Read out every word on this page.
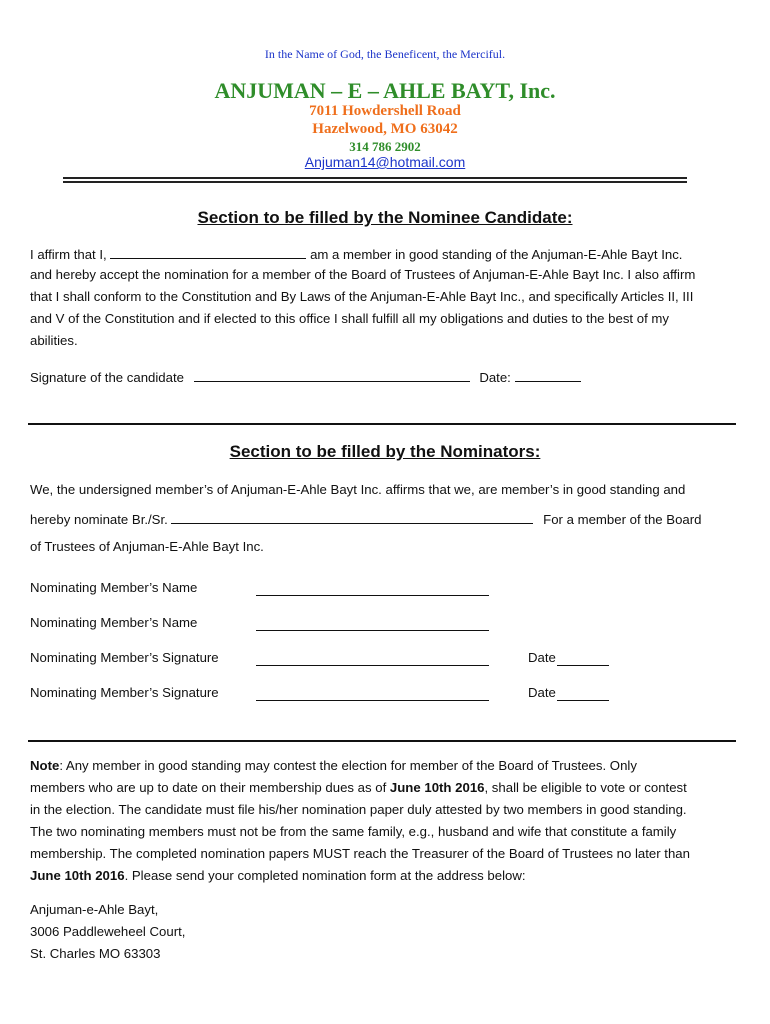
In the Name of God, the Beneficent, the Merciful.
ANJUMAN – E – AHLE BAYT, Inc.
7011 Howdershell Road
Hazelwood, MO 63042
314 786 2902
Anjuman14@hotmail.com
Section to be filled by the Nominee Candidate:
I affirm that I,	am a member in good standing of the Anjuman-E-Ahle Bayt Inc.
and hereby accept the nomination for a member of the Board of Trustees of Anjuman-E-Ahle Bayt Inc. I also affirm
that I shall conform to the Constitution and By Laws of the Anjuman-E-Ahle Bayt Inc., and specifically Articles II, III
and V of the Constitution and if elected to this office I shall fulfill all my obligations and duties to the best of my
abilities.
Signature of the candidate	Date:
Section to be filled by the Nominators:
We, the undersigned member’s of Anjuman-E-Ahle Bayt Inc. affirms that we, are member’s in good standing and
hereby nominate Br./Sr.	For a member of the Board
of Trustees of Anjuman-E-Ahle Bayt Inc.
Nominating Member’s Name
Nominating Member’s Name
Nominating Member’s Signature	Date
Nominating Member’s Signature	Date
Note: Any member in good standing may contest the election for member of the Board of Trustees. Only
members who are up to date on their membership dues as of June 10th 2016, shall be eligible to vote or contest
in the election. The candidate must file his/her nomination paper duly attested by two members in good standing.
The two nominating members must not be from the same family, e.g., husband and wife that constitute a family
membership. The completed nomination papers MUST reach the Treasurer of the Board of Trustees no later than
June 10th 2016. Please send your completed nomination form at the address below:
Anjuman-e-Ahle Bayt,
3006 Paddleweheel Court,
St. Charles MO 63303
